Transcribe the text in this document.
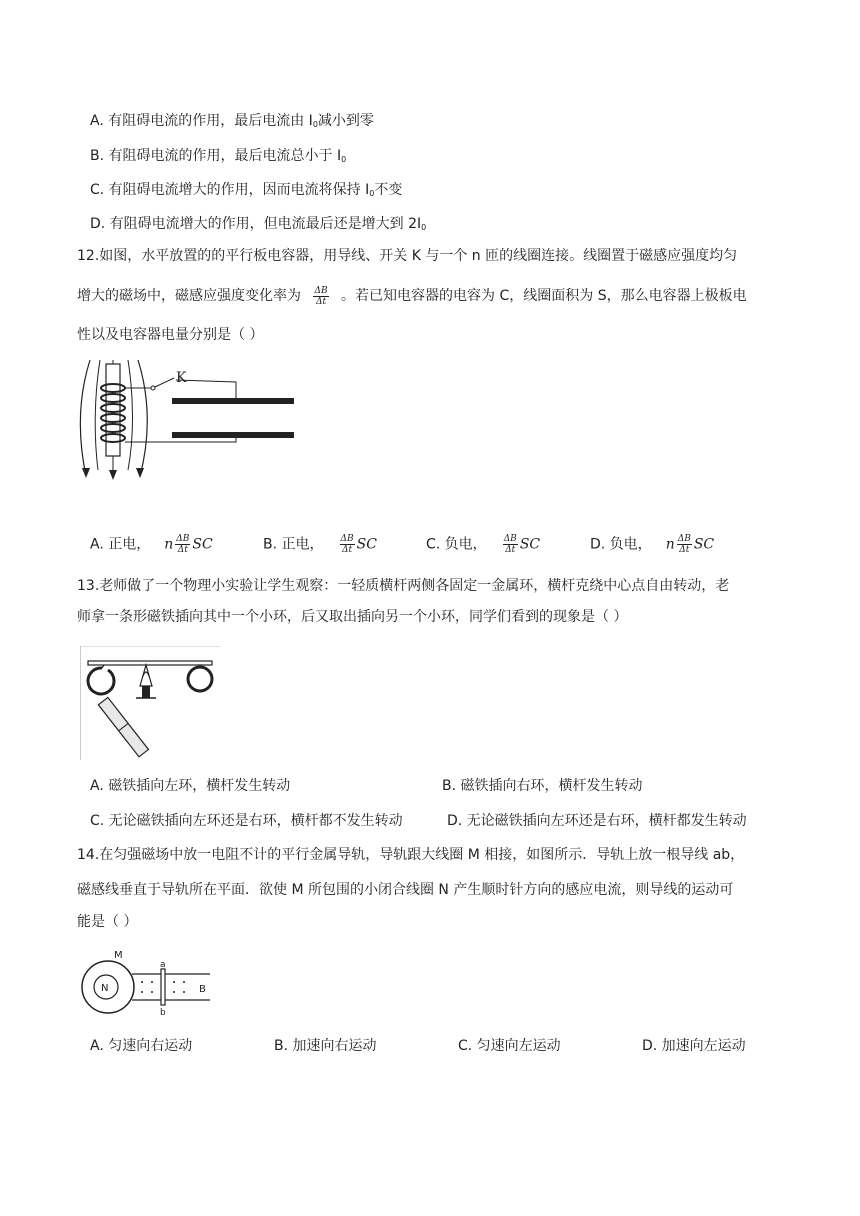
A. 有阻碍电流的作用，最后电流由 $I_0$减小到零
B. 有阻碍电流的作用，最后电流总小于 $I_0$
C. 有阻碍电流增大的作用，因而电流将保持 $I_0$不变
D. 有阻碍电流增大的作用，但电流最后还是增大到 $2I_0$
12.如图，水平放置的的平行板电容器，用导线、开关 K 与一个 n 匝的线圈连接。线圈置于磁感应强度均匀
增大的磁场中，磁感应强度变化率为 $\frac{\Delta B}{\Delta t}$ 。若已知电容器的电容为 C，线圈面积为 S，那么电容器上极板电
性以及电容器电量分别是（ ）
K
A. 正电， n $\frac{\Delta B}{\Delta t}$ SC	B. 正电， $\frac{\Delta B}{\Delta t}$ SC	C. 负电， $\frac{\Delta B}{\Delta t}$ SC	D. 负电， n $\frac{\Delta B}{\Delta t}$ SC
13.老师做了一个物理小实验让学生观察：一轻质横杆两侧各固定一金属环，横杆克绕中心点自由转动，老
师拿一条形磁铁插向其中一个小环，后又取出插向另一个小环，同学们看到的现象是（ ）
A. 磁铁插向左环，横杆发生转动	B. 磁铁插向右环，横杆发生转动
C. 无论磁铁插向左环还是右环，横杆都不发生转动	D. 无论磁铁插向左环还是右环，横杆都发生转动
14.在匀强磁场中放一电阻不计的平行金属导轨，导轨跟大线圈 M 相接，如图所示．导轨上放一根导线 ab，
磁感线垂直于导轨所在平面．欲使 M 所包围的小闭合线圈 N 产生顺时针方向的感应电流，则导线的运动可
能是（ ）
N
M
a
b
B
A. 匀速向右运动	B. 加速向右运动	C. 匀速向左运动	D. 加速向左运动
